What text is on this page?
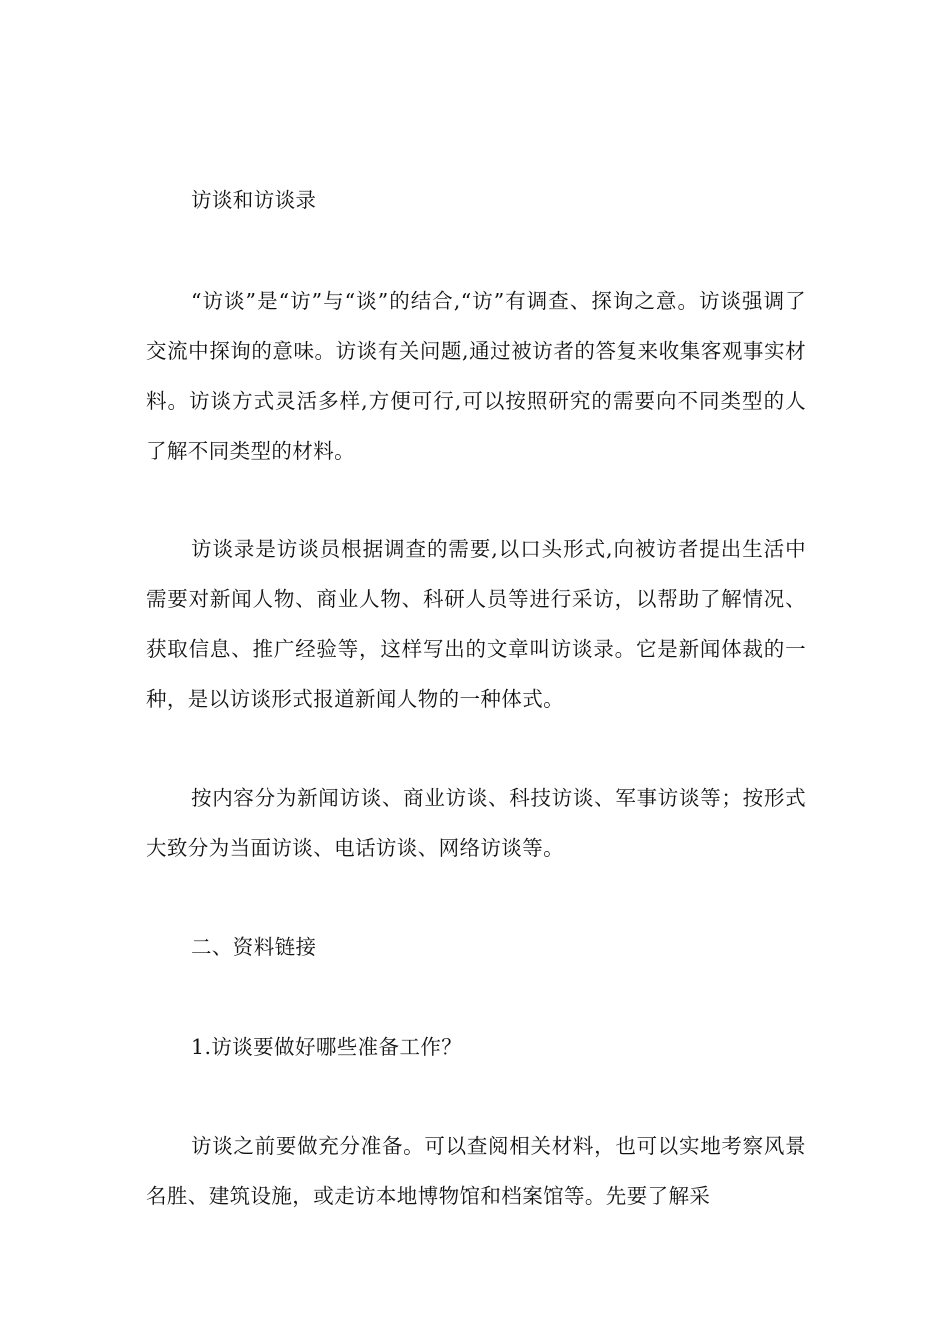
访谈和访谈录

“访谈”是“访”与“谈”的结合,“访”有调查、探询之意。访谈强调了交流中探询的意味。访谈有关问题,通过被访者的答复来收集客观事实材料。访谈方式灵活多样,方便可行,可以按照研究的需要向不同类型的人了解不同类型的材料。

访谈录是访谈员根据调查的需要,以口头形式,向被访者提出生活中需要对新闻人物、商业人物、科研人员等进行采访，以帮助了解情况、获取信息、推广经验等，这样写出的文章叫访谈录。它是新闻体裁的一种，是以访谈形式报道新闻人物的一种体式。

按内容分为新闻访谈、商业访谈、科技访谈、军事访谈等；按形式大致分为当面访谈、电话访谈、网络访谈等。

二、资料链接

1.访谈要做好哪些准备工作？

访谈之前要做充分准备。可以查阅相关材料，也可以实地考察风景名胜、建筑设施，或走访本地博物馆和档案馆等。先要了解采
